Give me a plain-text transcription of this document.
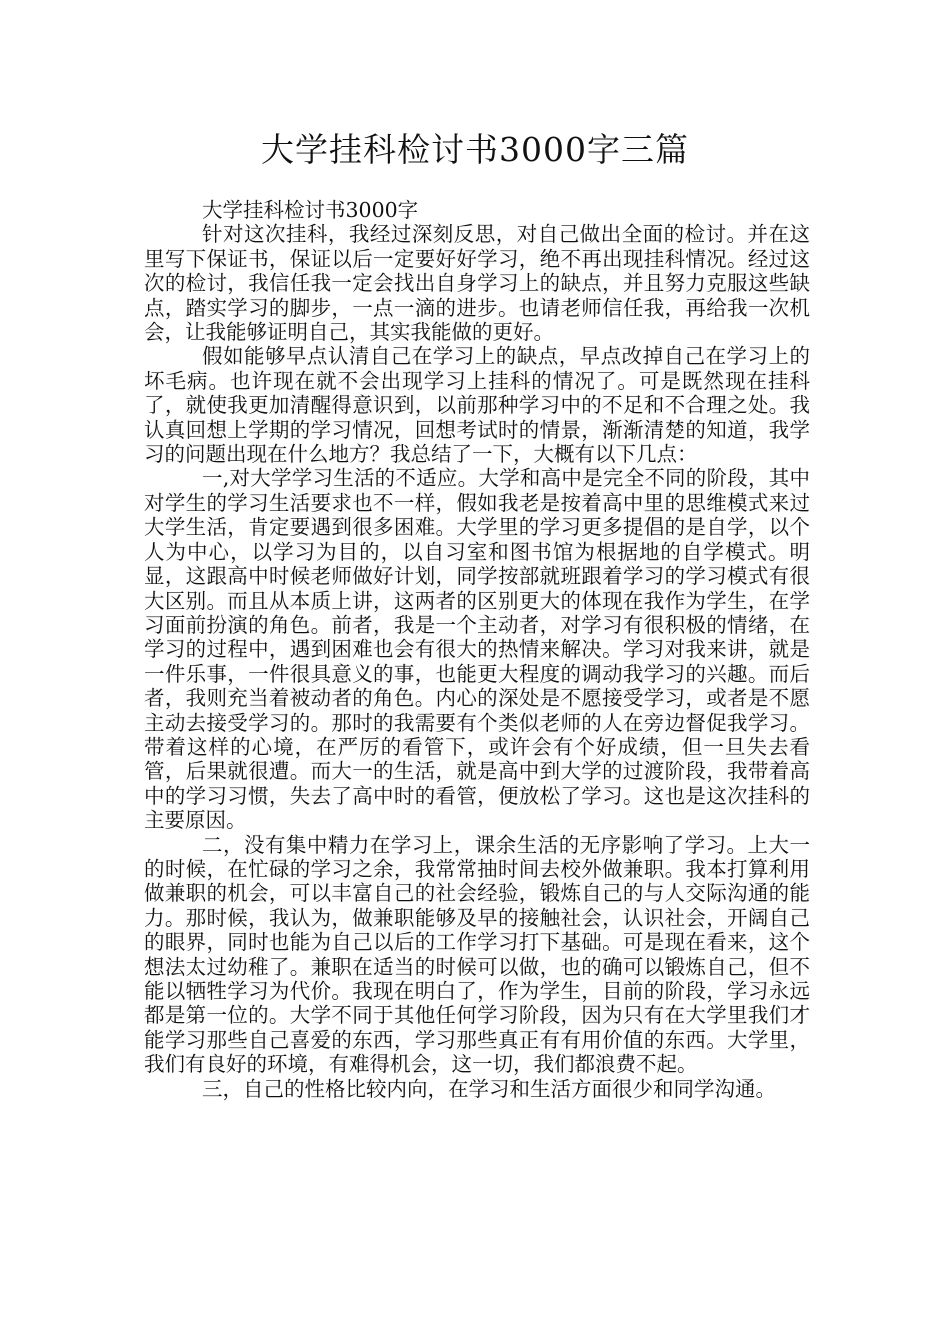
大学挂科检讨书3000字三篇

大学挂科检讨书3000字

针对这次挂科，我经过深刻反思，对自己做出全面的检讨。并在这里写下保证书，保证以后一定要好好学习，绝不再出现挂科情况。经过这次的检讨，我信任我一定会找出自身学习上的缺点，并且努力克服这些缺点，踏实学习的脚步，一点一滴的进步。也请老师信任我，再给我一次机会，让我能够证明自己，其实我能做的更好。

假如能够早点认清自己在学习上的缺点，早点改掉自己在学习上的坏毛病。也许现在就不会出现学习上挂科的情况了。可是既然现在挂科了，就使我更加清醒得意识到，以前那种学习中的不足和不合理之处。我认真回想上学期的学习情况，回想考试时的情景，渐渐清楚的知道，我学习的问题出现在什么地方？我总结了一下，大概有以下几点：

一,对大学学习生活的不适应。大学和高中是完全不同的阶段，其中对学生的学习生活要求也不一样，假如我老是按着高中里的思维模式来过大学生活，肯定要遇到很多困难。大学里的学习更多提倡的是自学，以个人为中心，以学习为目的，以自习室和图书馆为根据地的自学模式。明显，这跟高中时候老师做好计划，同学按部就班跟着学习的学习模式有很大区别。而且从本质上讲，这两者的区别更大的体现在我作为学生，在学习面前扮演的角色。前者，我是一个主动者，对学习有很积极的情绪，在学习的过程中，遇到困难也会有很大的热情来解决。学习对我来讲，就是一件乐事，一件很具意义的事，也能更大程度的调动我学习的兴趣。而后者，我则充当着被动者的角色。内心的深处是不愿接受学习，或者是不愿主动去接受学习的。那时的我需要有个类似老师的人在旁边督促我学习。带着这样的心境，在严厉的看管下，或许会有个好成绩，但一旦失去看管，后果就很遭。而大一的生活，就是高中到大学的过渡阶段，我带着高中的学习习惯，失去了高中时的看管，便放松了学习。这也是这次挂科的主要原因。

二，没有集中精力在学习上，课余生活的无序影响了学习。上大一的时候，在忙碌的学习之余，我常常抽时间去校外做兼职。我本打算利用做兼职的机会，可以丰富自己的社会经验，锻炼自己的与人交际沟通的能力。那时候，我认为，做兼职能够及早的接触社会，认识社会，开阔自己的眼界，同时也能为自己以后的工作学习打下基础。可是现在看来，这个想法太过幼稚了。兼职在适当的时候可以做，也的确可以锻炼自己，但不能以牺牲学习为代价。我现在明白了，作为学生，目前的阶段，学习永远都是第一位的。大学不同于其他任何学习阶段，因为只有在大学里我们才能学习那些自己喜爱的东西，学习那些真正有有用价值的东西。大学里，我们有良好的环境，有难得机会，这一切，我们都浪费不起。

三，自己的性格比较内向，在学习和生活方面很少和同学沟通。
